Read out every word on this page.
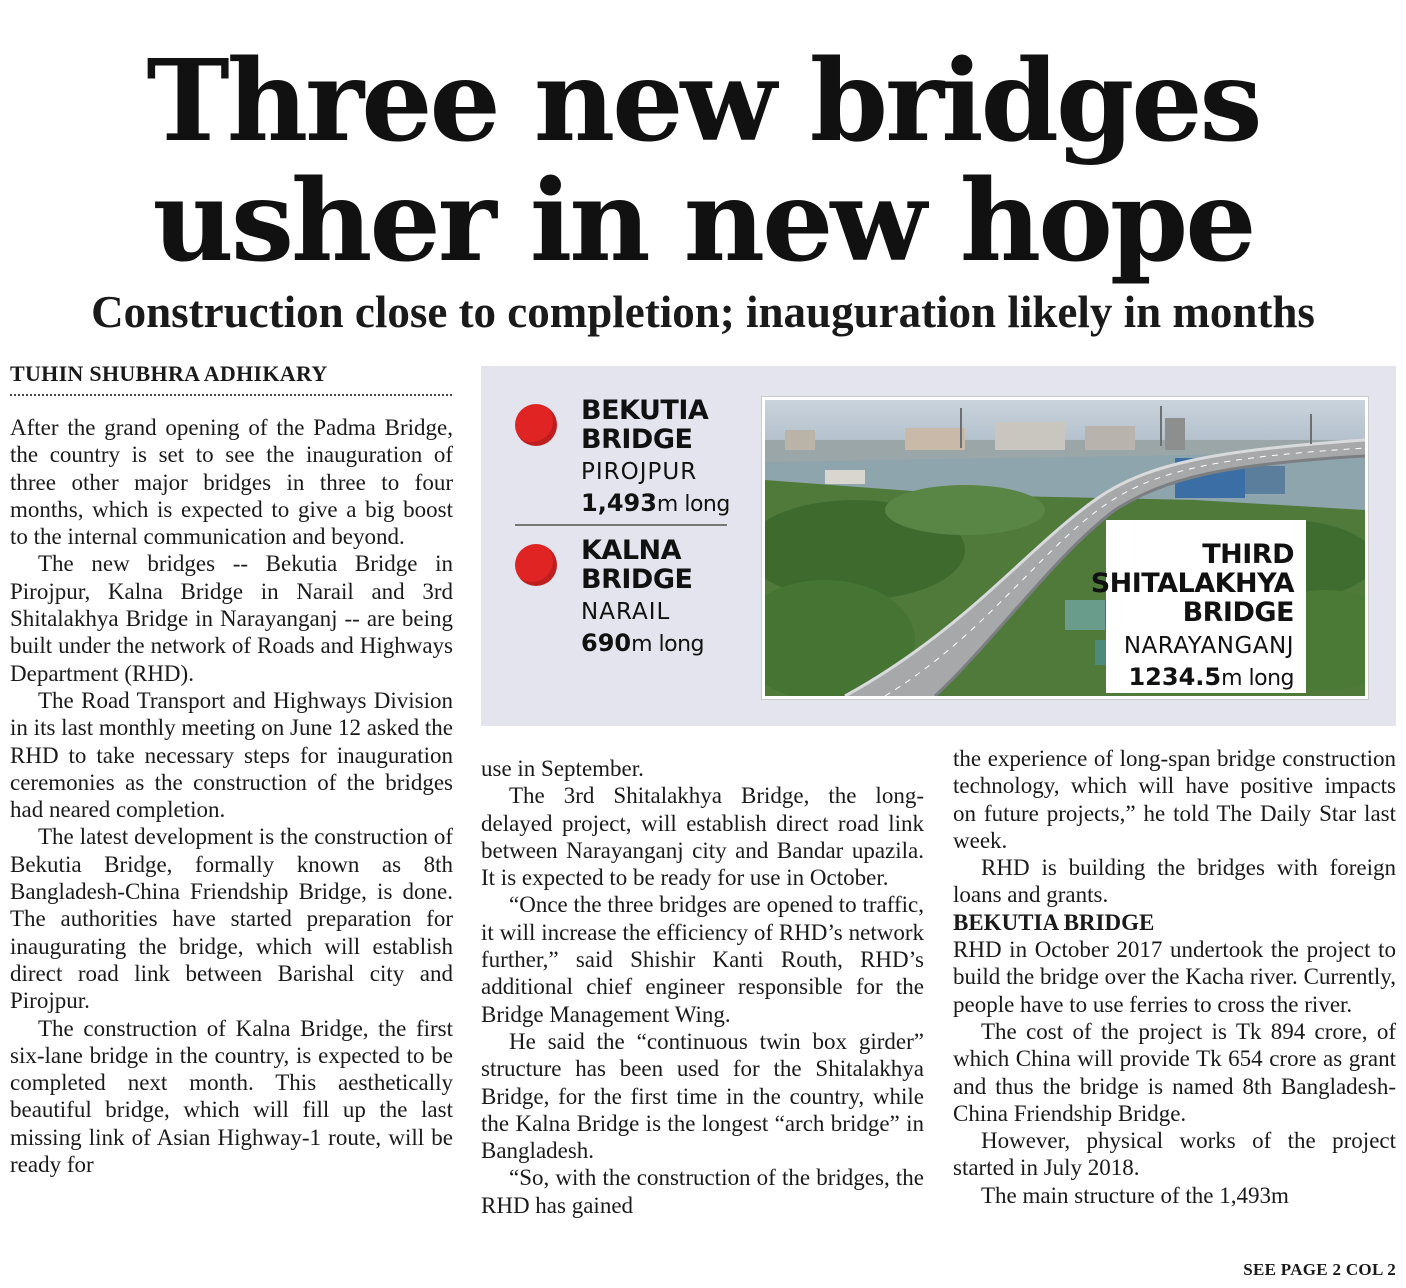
Three new bridges
usher in new hope
Construction close to completion; inauguration likely in months
TUHIN SHUBHRA ADHIKARY
BEKUTIA
BRIDGE
PIROJPUR
1,493m long
KALNA
BRIDGE
NARAIL
690m long
THIRD
SHITALAKHYA
BRIDGE
NARAYANGANJ
1234.5m long

After the grand opening of the Padma Bridge, the country is set to see the inauguration of three other major bridges in three to four months, which is expected to give a big boost to the internal communication and beyond.

The new bridges -- Bekutia Bridge in Pirojpur, Kalna Bridge in Narail and 3rd Shitalakhya Bridge in Narayanganj -- are being built under the network of Roads and Highways Department (RHD).

The Road Transport and Highways Division in its last monthly meeting on June 12 asked the RHD to take necessary steps for inauguration ceremonies as the construction of the bridges had neared completion.

The latest development is the construction of Bekutia Bridge, formally known as 8th Bangladesh-China Friendship Bridge, is done. The authorities have started preparation for inaugurating the bridge, which will establish direct road link between Barishal city and Pirojpur.

The construction of Kalna Bridge, the first six-lane bridge in the country, is expected to be completed next month. This aesthetically beautiful bridge, which will fill up the last missing link of Asian Highway-1 route, will be ready for

use in September.

The 3rd Shitalakhya Bridge, the long-delayed project, will establish direct road link between Narayanganj city and Bandar upazila. It is expected to be ready for use in October.

“Once the three bridges are opened to traffic, it will increase the efficiency of RHD’s network further,” said Shishir Kanti Routh, RHD’s additional chief engineer responsible for the Bridge Management Wing.

He said the “continuous twin box girder” structure has been used for the Shitalakhya Bridge, for the first time in the country, while the Kalna Bridge is the longest “arch bridge” in Bangladesh.

“So, with the construction of the bridges, the RHD has gained

the experience of long-span bridge construction technology, which will have positive impacts on future projects,” he told The Daily Star last week.

RHD is building the bridges with foreign loans and grants.

BEKUTIA BRIDGE

RHD in October 2017 undertook the project to build the bridge over the Kacha river. Currently, people have to use ferries to cross the river.

The cost of the project is Tk 894 crore, of which China will provide Tk 654 crore as grant and thus the bridge is named 8th Bangladesh-China Friendship Bridge.

However, physical works of the project started in July 2018.

The main structure of the 1,493m

SEE PAGE 2 COL 2
